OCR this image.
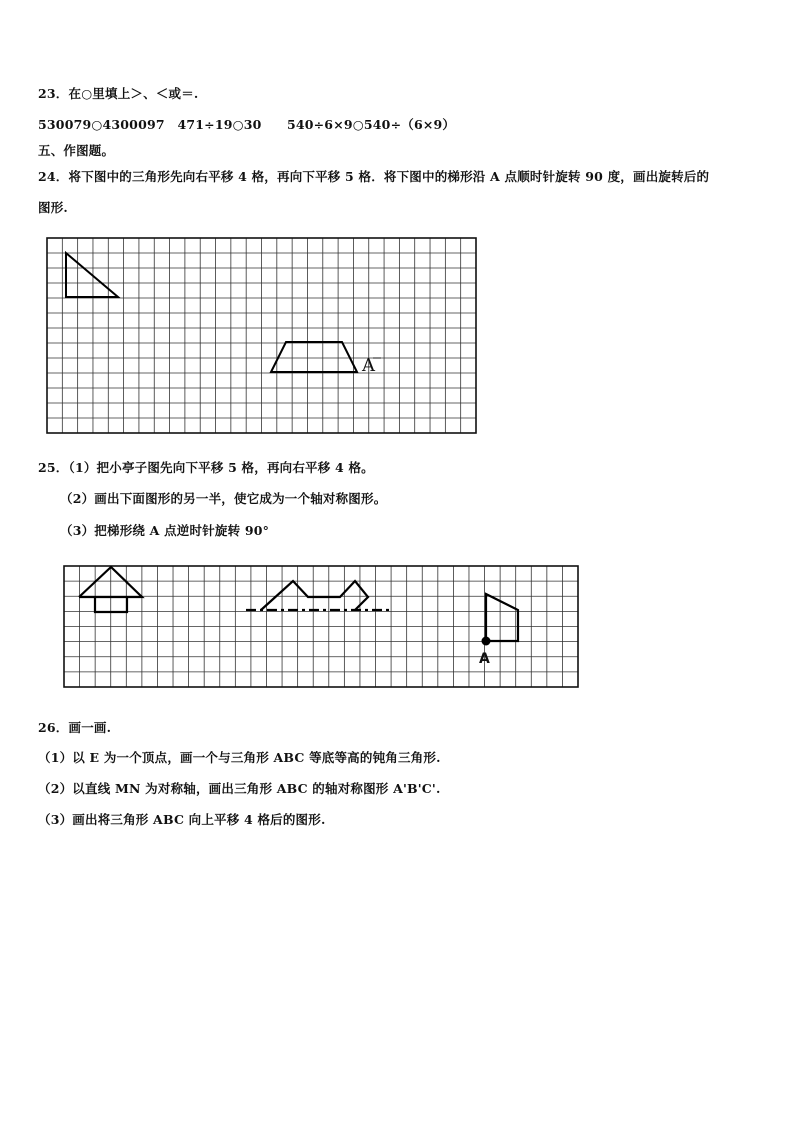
23．在○里填上＞、＜或＝.
530079○4300097　471÷19○30　　540÷6×9○540÷（6×9）
五、作图题。
24．将下图中的三角形先向右平移 4 格，再向下平移 5 格．将下图中的梯形沿 A 点顺时针旋转 90 度，画出旋转后的
图形.
A
25．（1）把小亭子图先向下平移 5 格，再向右平移 4 格。
（2）画出下面图形的另一半，使它成为一个轴对称图形。
（3）把梯形绕 A 点逆时针旋转 90°
A
26．画一画.
（1）以 E 为一个顶点，画一个与三角形 ABC 等底等高的钝角三角形.
（2）以直线 MN 为对称轴，画出三角形 ABC 的轴对称图形 A'B'C'.
（3）画出将三角形 ABC 向上平移 4 格后的图形.
